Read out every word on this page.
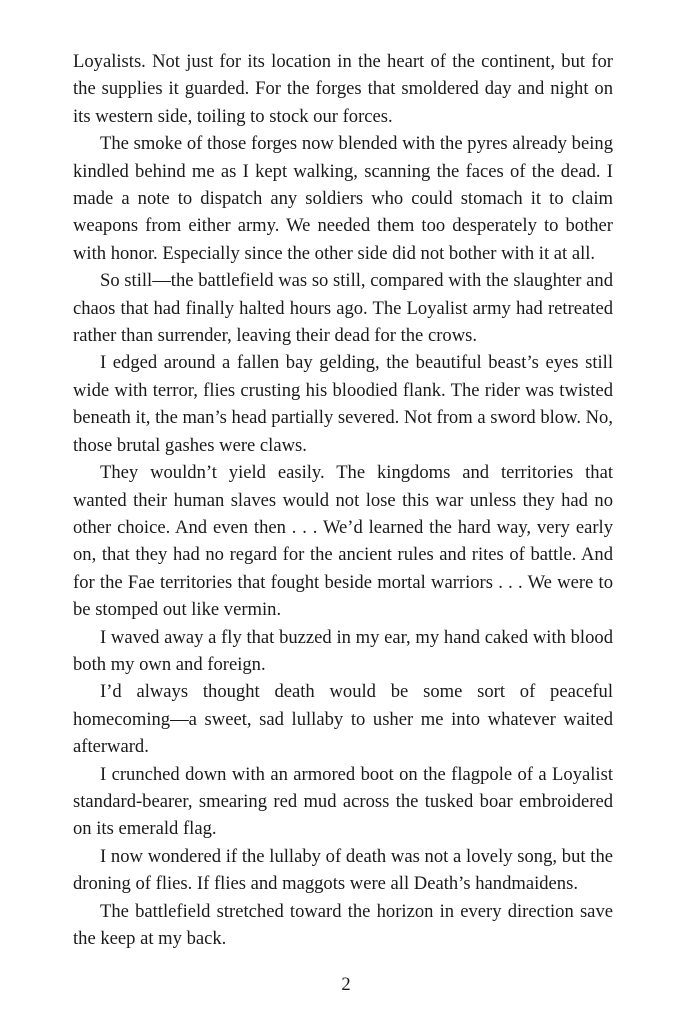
Loyalists. Not just for its location in the heart of the continent, but for the supplies it guarded. For the forges that smoldered day and night on its western side, toiling to stock our forces.

The smoke of those forges now blended with the pyres already being kindled behind me as I kept walking, scanning the faces of the dead. I made a note to dispatch any soldiers who could stomach it to claim weapons from either army. We needed them too desperately to bother with honor. Especially since the other side did not bother with it at all.

So still—the battlefield was so still, compared with the slaughter and chaos that had finally halted hours ago. The Loyalist army had retreated rather than surrender, leaving their dead for the crows.

I edged around a fallen bay gelding, the beautiful beast’s eyes still wide with terror, flies crusting his bloodied flank. The rider was twisted beneath it, the man’s head partially severed. Not from a sword blow. No, those brutal gashes were claws.

They wouldn’t yield easily. The kingdoms and territories that wanted their human slaves would not lose this war unless they had no other choice. And even then . . . We’d learned the hard way, very early on, that they had no regard for the ancient rules and rites of battle. And for the Fae territories that fought beside mortal warriors . . . We were to be stomped out like vermin.

I waved away a fly that buzzed in my ear, my hand caked with blood both my own and foreign.

I’d always thought death would be some sort of peaceful homecoming—a sweet, sad lullaby to usher me into whatever waited afterward.

I crunched down with an armored boot on the flagpole of a Loyalist standard-bearer, smearing red mud across the tusked boar embroidered on its emerald flag.

I now wondered if the lullaby of death was not a lovely song, but the droning of flies. If flies and maggots were all Death’s handmaidens.

The battlefield stretched toward the horizon in every direction save the keep at my back.

2
